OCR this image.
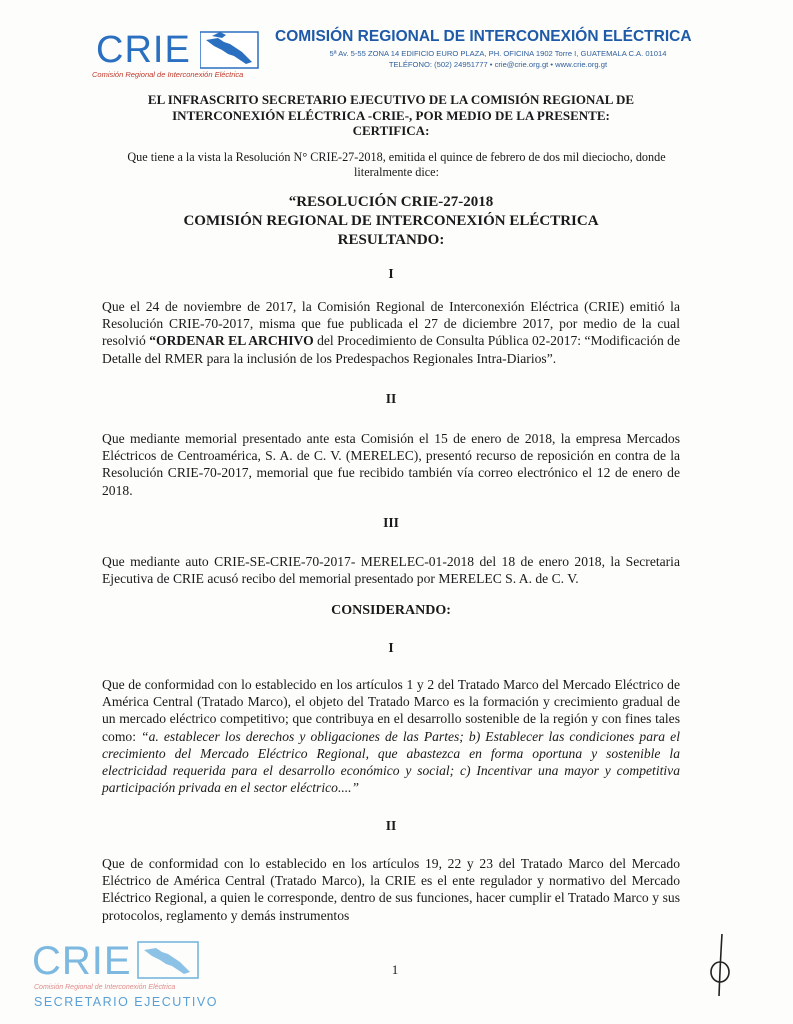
CRIE
Comisión Regional de Interconexión Eléctrica
COMISIÓN REGIONAL DE INTERCONEXIÓN ELÉCTRICA
5ª Av. 5-55 ZONA 14 EDIFICIO EURO PLAZA, PH. OFICINA 1902 Torre I, GUATEMALA C.A. 01014
TELÉFONO: (502) 24951777 • crie@crie.org.gt • www.crie.org.gt
EL INFRASCRITO SECRETARIO EJECUTIVO DE LA COMISIÓN REGIONAL DE
INTERCONEXIÓN ELÉCTRICA -CRIE-, POR MEDIO DE LA PRESENTE:
CERTIFICA:
Que tiene a la vista la Resolución N° CRIE-27-2018, emitida el quince de febrero de dos mil dieciocho, donde
literalmente dice:
“RESOLUCIÓN CRIE-27-2018
COMISIÓN REGIONAL DE INTERCONEXIÓN ELÉCTRICA
RESULTANDO:
I
Que el 24 de noviembre de 2017, la Comisión Regional de Interconexión Eléctrica (CRIE) emitió la Resolución CRIE-70-2017, misma que fue publicada el 27 de diciembre 2017, por medio de la cual resolvió “ORDENAR EL ARCHIVO del Procedimiento de Consulta Pública 02-2017: “Modificación de Detalle del RMER para la inclusión de los Predespachos Regionales Intra-Diarios”.
II
Que mediante memorial presentado ante esta Comisión el 15 de enero de 2018, la empresa Mercados Eléctricos de Centroamérica, S. A. de C. V. (MERELEC), presentó recurso de reposición en contra de la Resolución CRIE-70-2017, memorial que fue recibido también vía correo electrónico el 12 de enero de 2018.
III
Que mediante auto CRIE-SE-CRIE-70-2017- MERELEC-01-2018 del 18 de enero 2018, la Secretaria Ejecutiva de CRIE acusó recibo del memorial presentado por MERELEC S. A. de C. V.
CONSIDERANDO:
I
Que de conformidad con lo establecido en los artículos 1 y 2 del Tratado Marco del Mercado Eléctrico de América Central (Tratado Marco), el objeto del Tratado Marco es la formación y crecimiento gradual de un mercado eléctrico competitivo; que contribuya en el desarrollo sostenible de la región y con fines tales como: “a. establecer los derechos y obligaciones de las Partes; b) Establecer las condiciones para el crecimiento del Mercado Eléctrico Regional, que abastezca en forma oportuna y sostenible la electricidad requerida para el desarrollo económico y social; c) Incentivar una mayor y competitiva participación privada en el sector eléctrico....”
II
Que de conformidad con lo establecido en los artículos 19, 22 y 23 del Tratado Marco del Mercado Eléctrico de América Central (Tratado Marco), la CRIE es el ente regulador y normativo del Mercado Eléctrico Regional, a quien le corresponde, dentro de sus funciones, hacer cumplir el Tratado Marco y sus protocolos, reglamento y demás instrumentos
1
CRIE
Comisión Regional de Interconexión Eléctrica
SECRETARIO EJECUTIVO
